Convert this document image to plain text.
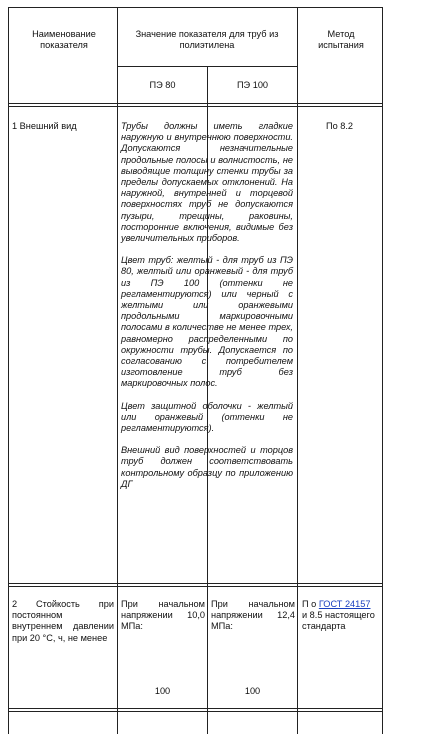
Наименование показателя
Значение показателя для труб из полиэтилена
Метод испытания
ПЭ 80	ПЭ 100
1 Внешний вид	Трубы должны иметь гладкие наружную и внутреннюю поверхности. Допускаются незначительные продольные полосы и волнистость, не выводящие толщину стенки трубы за пределы допускаемых отклонений. На наружной, внутренней и торцевой поверхностях труб не допускаются пузыри, трещины, раковины, посторонние включения, видимые без увеличительных приборов.

Цвет труб: желтый - для труб из ПЭ 80, желтый или оранжевый - для труб из ПЭ 100 (оттенки не регламентируются) или черный с желтыми или оранжевыми продольными маркировочными полосами в количестве не менее трех, равномерно распределенными по окружности трубы. Допускается по согласованию с потребителем изготовление труб без маркировочных полос.

Цвет защитной оболочки - желтый или оранжевый (оттенки не регламентируются).

Внешний вид поверхностей и торцов труб должен соответствовать контрольному образцу по приложению ДГ

По 8.2
2 Стойкость при постоянном внутреннем давлении при 20 °С, ч, не менее
При начальном напряжении 10,0 МПа:
100
При начальном напряжении 12,4 МПа:
100
П о ГОСТ 24157 и 8.5 настоящего стандарта
